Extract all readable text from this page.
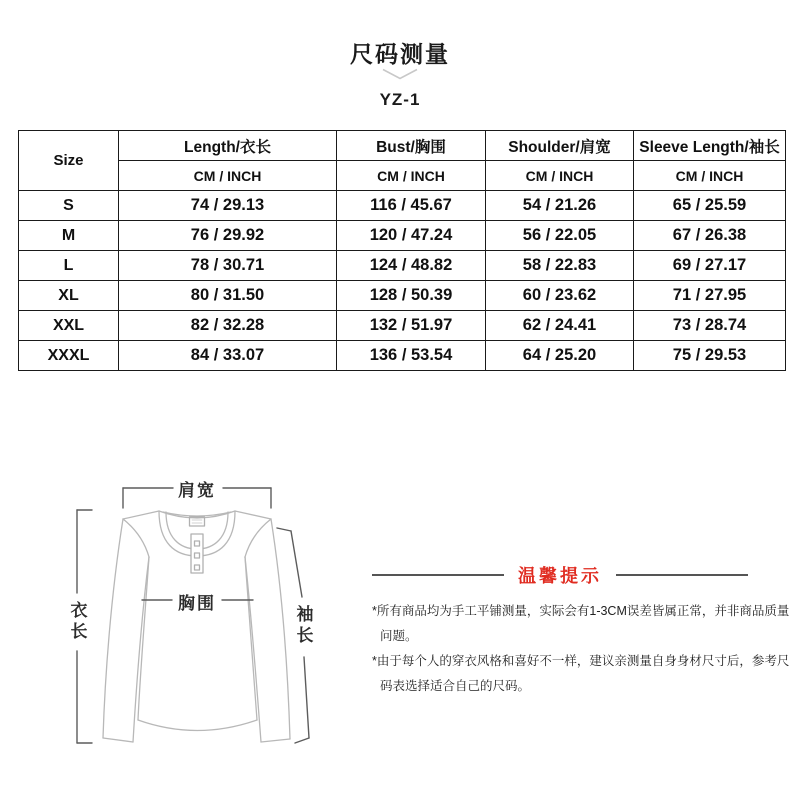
尺码测量
YZ-1
Size	Length/衣长	Bust/胸围	Shoulder/肩宽	Sleeve Length/袖长
	CM / INCH	CM / INCH	CM / INCH	CM / INCH
S	74 / 29.13	116 / 45.67	54 / 21.26	65 / 25.59
M	76 / 29.92	120 / 47.24	56 / 22.05	67 / 26.38
L	78 / 30.71	124 / 48.82	58 / 22.83	69 / 27.17
XL	80 / 31.50	128 / 50.39	60 / 23.62	71 / 27.95
XXL	82 / 32.28	132 / 51.97	62 / 24.41	73 / 28.74
XXXL	84 / 33.07	136 / 53.54	64 / 25.20	75 / 29.53
肩宽
胸围
衣长	袖长
温馨提示

*所有商品均为手工平铺测量，实际会有1-3CM误差皆属正常，并非商品质量问题。

*由于每个人的穿衣风格和喜好不一样，建议亲测量自身身材尺寸后，参考尺码表选择适合自己的尺码。
